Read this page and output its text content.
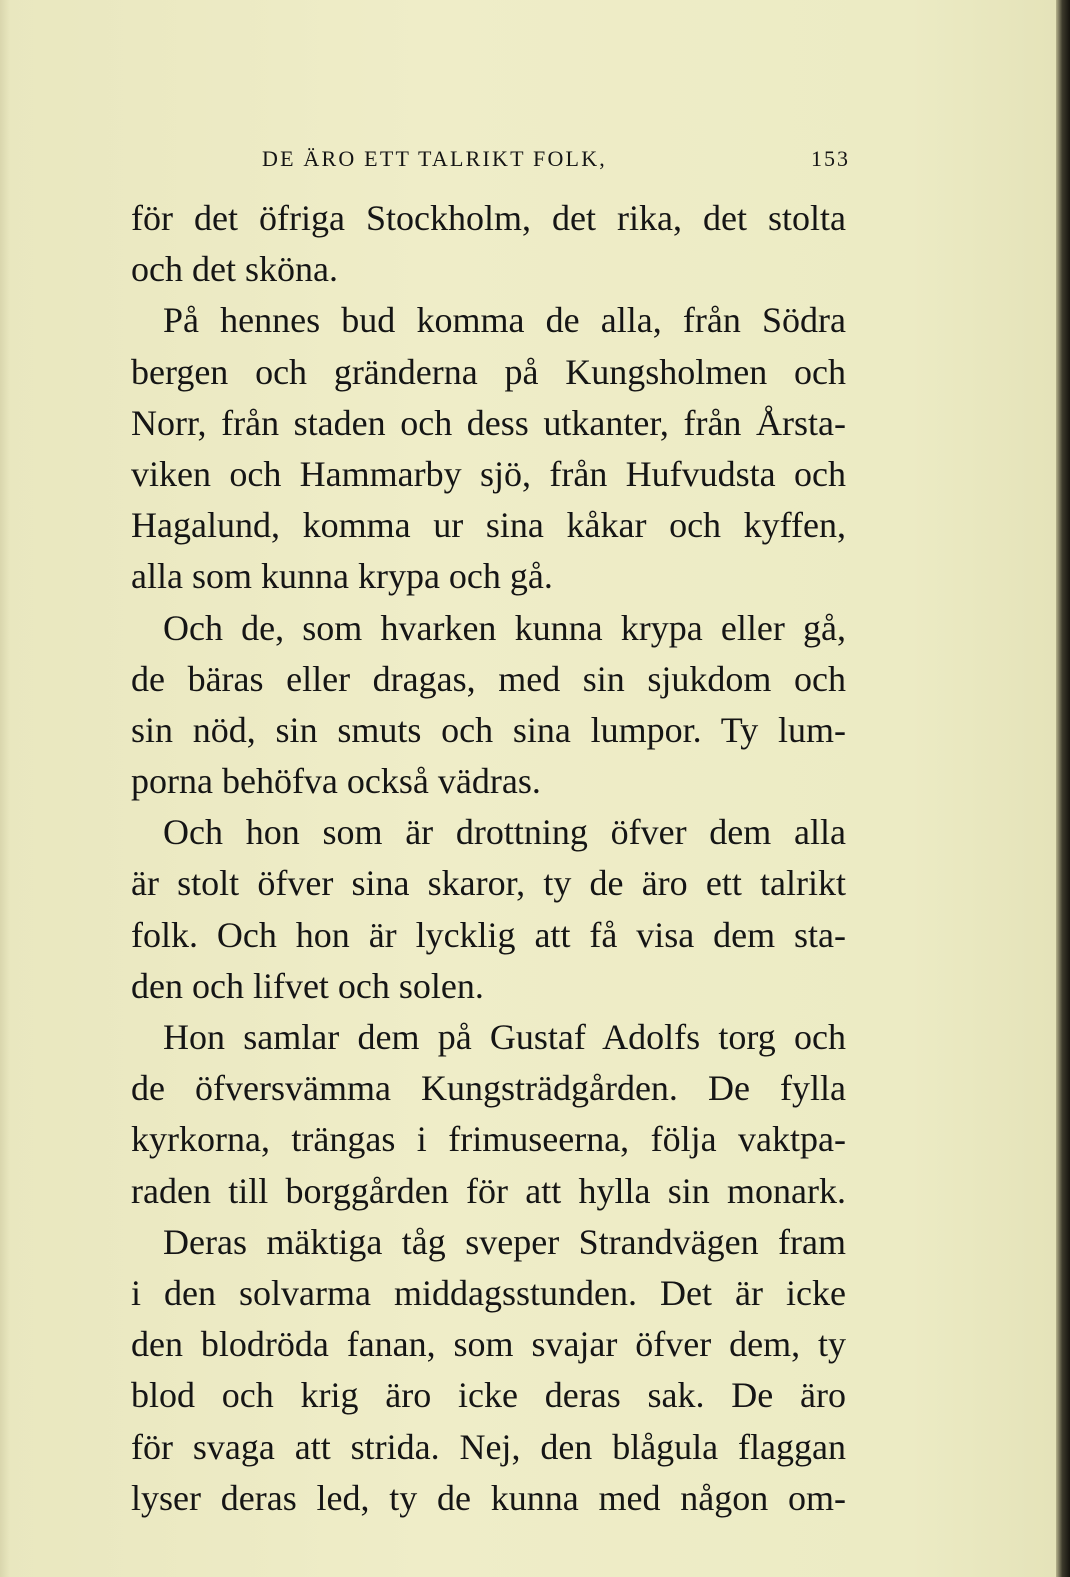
DE ÄRO ETT TALRIKT FOLK,	153
för det öfriga Stockholm, det rika, det stolta
och det sköna.
På hennes bud komma de alla, från Södra
bergen och gränderna på Kungsholmen och
Norr, från staden och dess utkanter, från Årsta-
viken och Hammarby sjö, från Hufvudsta och
Hagalund, komma ur sina kåkar och kyffen,
alla som kunna krypa och gå.
Och de, som hvarken kunna krypa eller gå,
de bäras eller dragas, med sin sjukdom och
sin nöd, sin smuts och sina lumpor. Ty lum-
porna behöfva också vädras.
Och hon som är drottning öfver dem alla
är stolt öfver sina skaror, ty de äro ett talrikt
folk. Och hon är lycklig att få visa dem sta-
den och lifvet och solen.
Hon samlar dem på Gustaf Adolfs torg och
de öfversvämma Kungsträdgården. De fylla
kyrkorna, trängas i frimuseerna, följa vaktpa-
raden till borggården för att hylla sin monark.
Deras mäktiga tåg sveper Strandvägen fram
i den solvarma middagsstunden. Det är icke
den blodröda fanan, som svajar öfver dem, ty
blod och krig äro icke deras sak. De äro
för svaga att strida. Nej, den blågula flaggan
lyser deras led, ty de kunna med någon om-
